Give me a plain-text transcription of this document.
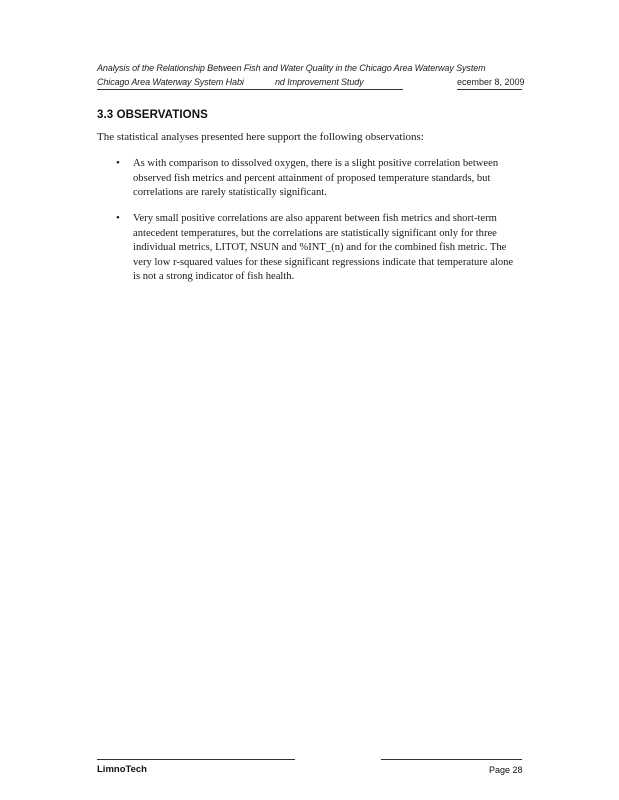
Analysis of the Relationship Between Fish and Water Quality in the Chicago Area Waterway System
Chicago Area Waterway System Habi	nd Improvement Study	ecember 8, 2009
3.3 OBSERVATIONS
The statistical analyses presented here support the following observations:
• As with comparison to dissolved oxygen, there is a slight positive correlation between observed fish metrics and percent attainment of proposed temperature standards, but correlations are rarely statistically significant.
• Very small positive correlations are also apparent between fish metrics and short-term antecedent temperatures, but the correlations are statistically significant only for three individual metrics, LITOT, NSUN and %INT_(n) and for the combined fish metric. The very low r-squared values for these significant regressions indicate that temperature alone is not a strong indicator of fish health.
LimnoTech	Page 28
